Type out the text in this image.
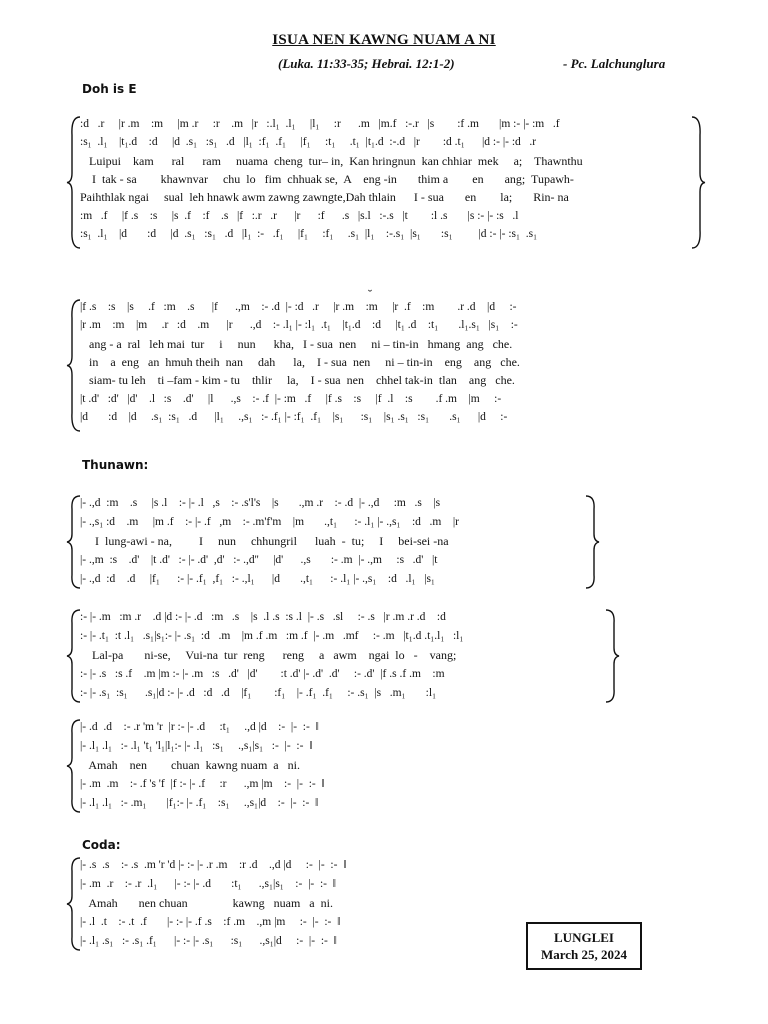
ISUA NEN KAWNG NUAM A NI
(Luka. 11:33-35; Hebrai. 12:1-2)	- Pc. Lalchunglura
Doh is E
:d   .r     |r .m    :m     |m .r     :r    .m   |r   :.l₁  .l₁     |l₁     :r      .m   |m.f   :-.r   |s        :f .m       |m :- |- :m   .f
:s₁  .l₁    |t₁.d    :d     |d  .s₁   :s₁   .d   |l₁  :f₁  .f₁     |f₁     :t₁     .t₁  |t₁.d  :-.d   |r        :d .t₁      |d :- |- :d   .r
Luipui    kam      ral      ram     nuama  cheng  tur– in,  Kan hringnun  kan chhiar  mek     a;    Thawnthu
I  tak - sa        khawnvar     chu  lo   fim  chhuak se,  A    eng -in       thim a        en       ang;  Tupawh-
Paihthlak ngai     sual  leh hnawk awm zawng zawngte,Dah thlain      I - sua       en        la;       Rin- na
:m   .f     |f .s    :s     |s  .f    :f    .s   |f   :.r   .r      |r      :f      .s   |s.l   :-.s   |t        :l .s       |s :- |- :s   .l
:s₁  .l₁    |d       :d     |d  .s₁   :s₁   .d   |l₁  :-   .f₁     |f₁     :f₁     .s₁  |l₁    :-.s₁  |s₁       :s₁         |d :- |- :s₁  .s₁
|f .s    :s    |s     .f   :m    .s      |f      .,m    :- .d  |- :d   .r     |r .m    :m     |r  .f    :m        .r .d    |d     :-
|r .m    :m    |m     .r   :d    .m      |r      .,d    :- .l₁ |- :l₁  .t₁    |t₁.d    :d     |t₁ .d    :t₁       .l₁.s₁   |s₁    :-
ang - a  ral   leh mai  tur     i     nun      kha,   I - sua  nen     ni – tin-in   hmang  ang   che.
in    a  eng   an  hmuh theih  nan     dah      la,    I - sua  nen     ni – tin-in    eng    ang   che.
siam- tu leh    ti –fam - kim - tu    thlir     la,    I - sua  nen    chhel tak-in  tlan    ang   che.
|t .d'   :d'   |d'    .l   :s    .d'     |l      .,s    :- .f  |- :m   .f     |f .s    :s     |f  .l    :s        .f .m    |m     :-
|d       :d    |d     .s₁  :s₁   .d      |l₁     .,s₁   :- .f₁ |- :f₁  .f₁    |s₁      :s₁    |s₁ .s₁   :s₁       .s₁      |d     :-
Thunawn:
|- .,d  :m    .s     |s .l    :- |- .l   ,s    :- .s'l's    |s       .,m .r    :- .d  |- .,d     :m   .s    |s
|- .,s₁ :d    .m     |m .f    :- |- .f   ,m    :- .m'f'm    |m       .,t₁      :- .l₁ |- .,s₁    :d   .m    |r
I  lung-awi - na,         I     nun     chhungril      luah  -  tu;     I     bei-sei -na
|- .,m  :s    .d'    |t .d'   :- |- .d'  ,d'   :- .,d''     |d'      .,s       :- .m  |- .,m     :s   .d'   |t
|- .,d  :d    .d     |f₁      :- |- .f₁  ,f₁   :- .,l₁      |d       .,t₁      :- .l₁ |- .,s₁    :d   .l₁   |s₁
:- |- .m   :m .r    .d |d :- |- .d   :m   .s    |s  .l .s  :s .l  |- .s   .sl     :- .s   |r .m .r .d    :d
:- |- .t₁  :t .l₁   .s₁|s₁:- |- .s₁  :d   .m    |m .f .m   :m .f  |- .m   .mf     :- .m   |t₁.d .t₁.l₁   :l₁
Lal-pa       ni-se,     Vui-na  tur  reng      reng     a   awm    ngai  lo   -    vang;
:- |- .s   :s .f    .m |m :- |- .m   :s   .d'   |d'        :t .d' |- .d'  .d'     :- .d'  |f .s .f .m    :m
:- |- .s₁  :s₁      .s₁|d :- |- .d   :d   .d    |f₁        :f₁    |- .f₁  .f₁     :- .s₁  |s   .m₁       :l₁
|- .d  .d    :- .r 'm 'r  |r :- |- .d     :t₁     .,d |d    :-  |-  :-  ‖
|- .l₁ .l₁   :- .l₁ 't₁ 'l₁|l₁:- |- .l₁   :s₁     .,s₁|s₁   :-  |-  :-  ‖
Amah    nen        chuan  kawng nuam  a   ni.
|- .m  .m    :- .f 's 'f  |f :- |- .f     :r      .,m |m    :-  |-  :-  ‖
|- .l₁ .l₁   :- .m₁       |f₁:- |- .f₁    :s₁     .,s₁|d    :-  |-  :-  ‖
Coda:
|- .s  .s    :- .s  .m 'r 'd |- :- |- .r .m    :r .d    .,d |d     :-  |-  :-  ‖
|- .m  .r    :- .r  .l₁      |- :- |- .d       :t₁      .,s₁|s₁    :-  |-  :-  ‖
Amah       nen chuan               kawng   nuam   a  ni.
|- .l  .t    :- .t  .f       |- :- |- .f .s    :f .m    .,m |m     :-  |-  :-  ‖
|- .l₁ .s₁   :- .s₁ .f₁      |- :- |- .s₁      :s₁      .,s₁|d     :-  |-  :-  ‖	LUNGLEI
March 25, 2024
